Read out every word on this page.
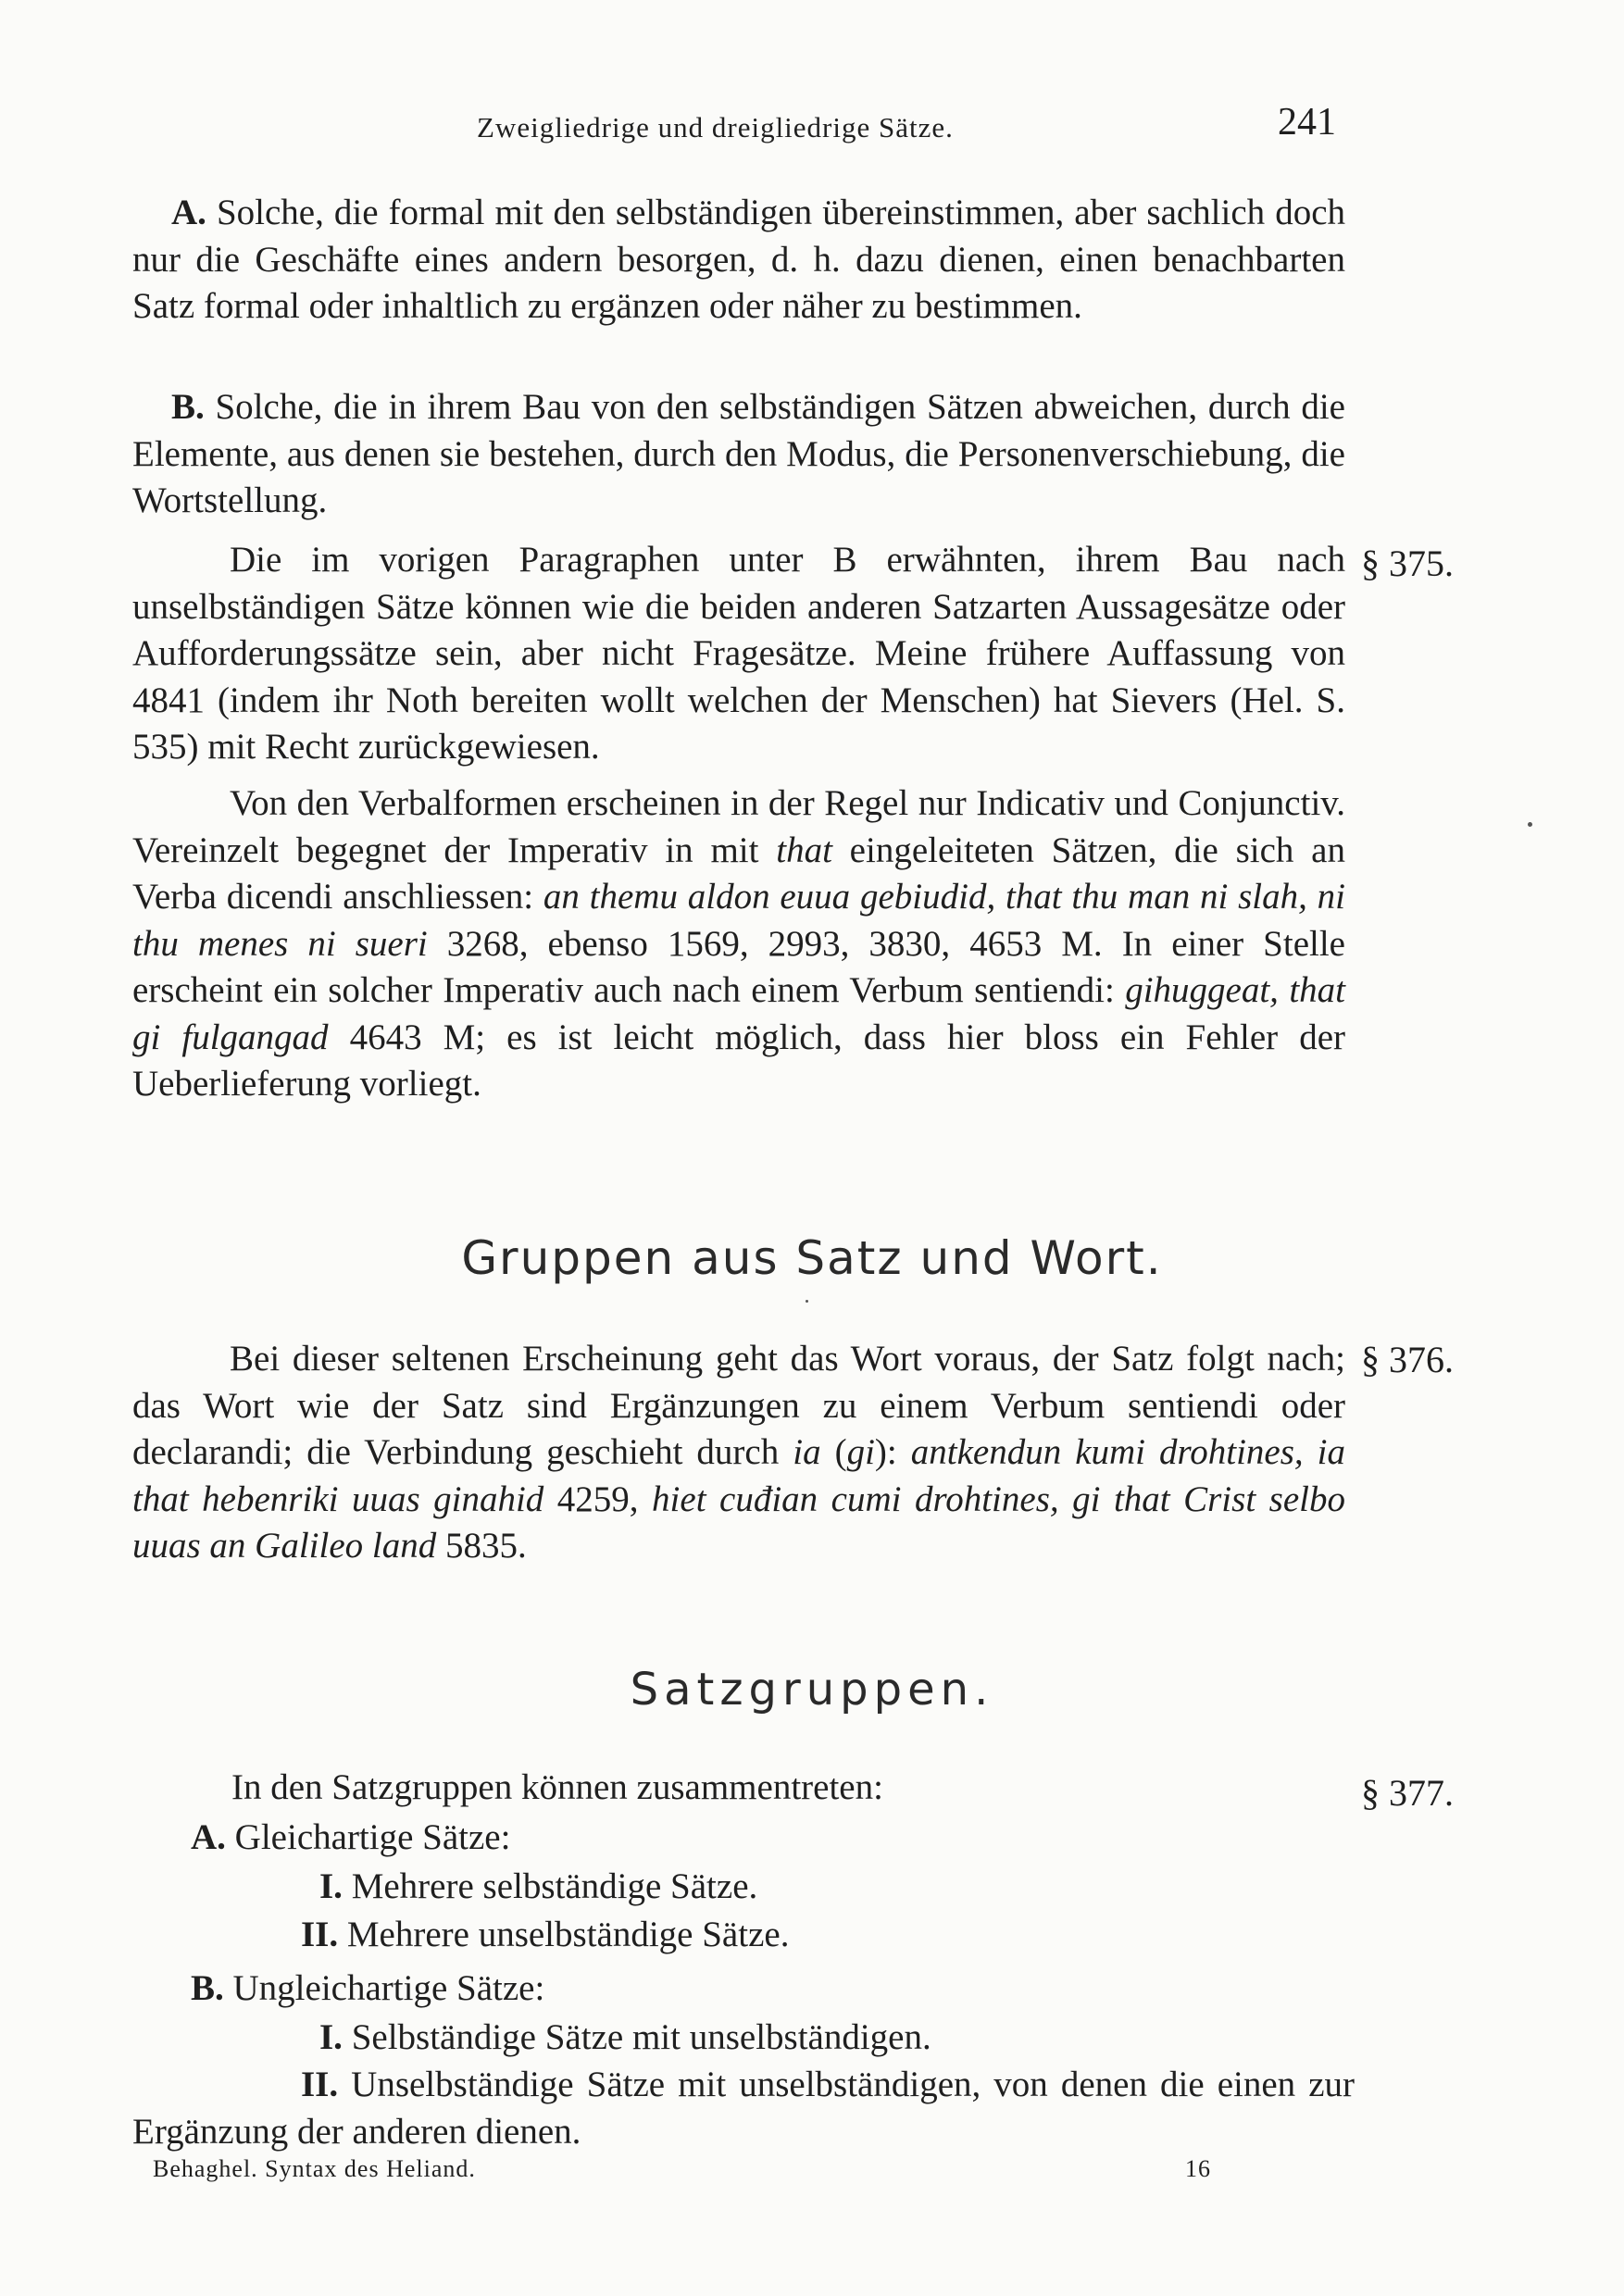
Zweigliedrige und dreigliedrige Sätze.	241
A. Solche, die formal mit den selbständigen übereinstimmen, aber sachlich doch nur die Geschäfte eines andern besorgen, d. h. dazu dienen, einen benachbarten Satz formal oder inhaltlich zu ergänzen oder näher zu bestimmen.
B. Solche, die in ihrem Bau von den selbständigen Sätzen abweichen, durch die Elemente, aus denen sie bestehen, durch den Modus, die Personenverschiebung, die Wortstellung.
§ 375.
Die im vorigen Paragraphen unter B erwähnten, ihrem Bau nach unselbständigen Sätze können wie die beiden anderen Satzarten Aussagesätze oder Aufforderungssätze sein, aber nicht Fragesätze. Meine frühere Auffassung von 4841 (indem ihr Noth bereiten wollt welchen der Menschen) hat Sievers (Hel. S. 535) mit Recht zurückgewiesen.
Von den Verbalformen erscheinen in der Regel nur Indicativ und Conjunctiv. Vereinzelt begegnet der Imperativ in mit that eingeleiteten Sätzen, die sich an Verba dicendi anschliessen: an themu aldon euua gebiudid, that thu man ni slah, ni thu menes ni sueri 3268, ebenso 1569, 2993, 3830, 4653 M. In einer Stelle erscheint ein solcher Imperativ auch nach einem Verbum sentiendi: gihuggeat, that gi fulgangad 4643 M; es ist leicht möglich, dass hier bloss ein Fehler der Ueberlieferung vorliegt.
Gruppen aus Satz und Wort.
§ 376.
Bei dieser seltenen Erscheinung geht das Wort voraus, der Satz folgt nach; das Wort wie der Satz sind Ergänzungen zu einem Verbum sentiendi oder declarandi; die Verbindung geschieht durch ia (gi): antkendun kumi drohtines, ia that hebenriki uuas ginahid 4259, hiet cuđian cumi drohtines, gi that Crist selbo uuas an Galileo land 5835.
Satzgruppen.
§ 377.
In den Satzgruppen können zusammentreten:
A. Gleichartige Sätze:
I. Mehrere selbständige Sätze.
II. Mehrere unselbständige Sätze.
B. Ungleichartige Sätze:
I. Selbständige Sätze mit unselbständigen.
II. Unselbständige Sätze mit unselbständigen, von denen die einen zur Ergänzung der anderen dienen.
Behaghel. Syntax des Heliand.	16
